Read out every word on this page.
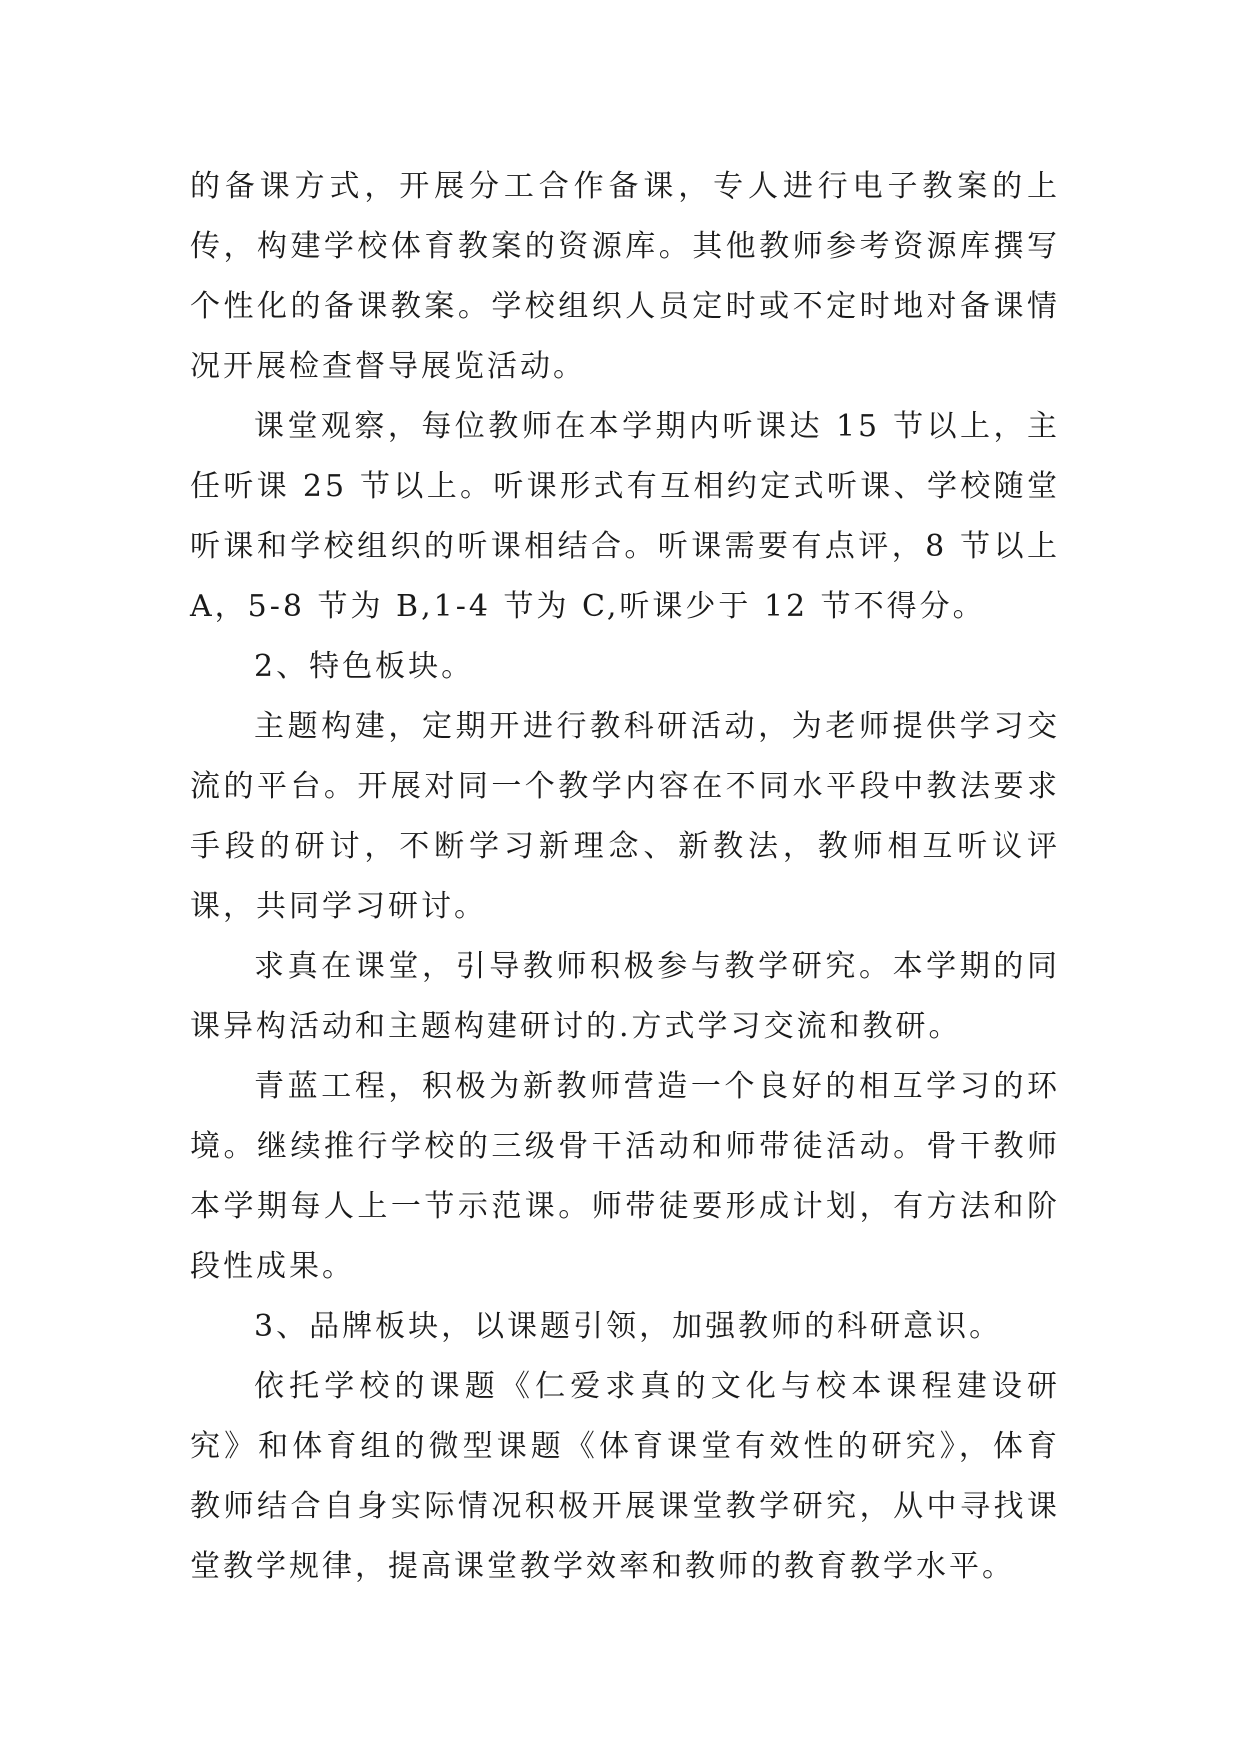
的备课方式，开展分工合作备课，专人进行电子教案的上传，构建学校体育教案的资源库。其他教师参考资源库撰写个性化的备课教案。学校组织人员定时或不定时地对备课情况开展检查督导展览活动。

课堂观察，每位教师在本学期内听课达 15 节以上，主任听课 25 节以上。听课形式有互相约定式听课、学校随堂听课和学校组织的听课相结合。听课需要有点评，8 节以上 A，5-8 节为 B,1-4 节为 C,听课少于 12 节不得分。

2、特色板块。

主题构建，定期开进行教科研活动，为老师提供学习交流的平台。开展对同一个教学内容在不同水平段中教法要求手段的研讨，不断学习新理念、新教法，教师相互听议评课，共同学习研讨。

求真在课堂，引导教师积极参与教学研究。本学期的同课异构活动和主题构建研讨的.方式学习交流和教研。

青蓝工程，积极为新教师营造一个良好的相互学习的环境。继续推行学校的三级骨干活动和师带徒活动。骨干教师本学期每人上一节示范课。师带徒要形成计划，有方法和阶段性成果。

3、品牌板块，以课题引领，加强教师的科研意识。

依托学校的课题《仁爱求真的文化与校本课程建设研究》和体育组的微型课题《体育课堂有效性的研究》，体育教师结合自身实际情况积极开展课堂教学研究，从中寻找课堂教学规律，提高课堂教学效率和教师的教育教学水平。
